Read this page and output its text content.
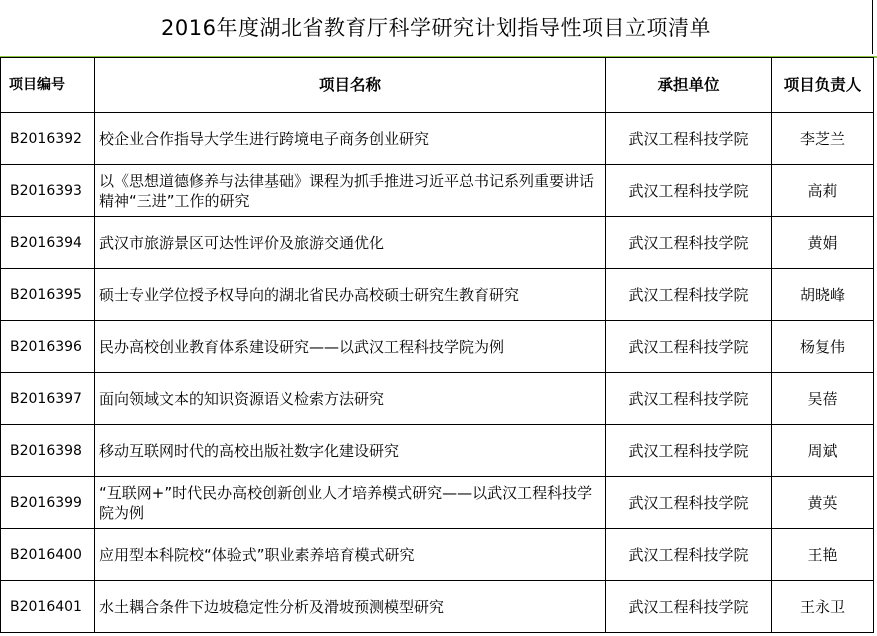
2016年度湖北省教育厅科学研究计划指导性项目立项清单
项目编号	项目名称	承担单位	项目负责人
B2016392	校企业合作指导大学生进行跨境电子商务创业研究	武汉工程科技学院	李芝兰
B2016393	以《思想道德修养与法律基础》课程为抓手推进习近平总书记系列重要讲话精神“三进”工作的研究	武汉工程科技学院	高莉
B2016394	武汉市旅游景区可达性评价及旅游交通优化	武汉工程科技学院	黄娟
B2016395	硕士专业学位授予权导向的湖北省民办高校硕士研究生教育研究	武汉工程科技学院	胡晓峰
B2016396	民办高校创业教育体系建设研究——以武汉工程科技学院为例	武汉工程科技学院	杨复伟
B2016397	面向领域文本的知识资源语义检索方法研究	武汉工程科技学院	吴蓓
B2016398	移动互联网时代的高校出版社数字化建设研究	武汉工程科技学院	周斌
B2016399	“互联网+”时代民办高校创新创业人才培养模式研究——以武汉工程科技学院为例	武汉工程科技学院	黄英
B2016400	应用型本科院校“体验式”职业素养培育模式研究	武汉工程科技学院	王艳
B2016401	水土耦合条件下边坡稳定性分析及滑坡预测模型研究	武汉工程科技学院	王永卫
